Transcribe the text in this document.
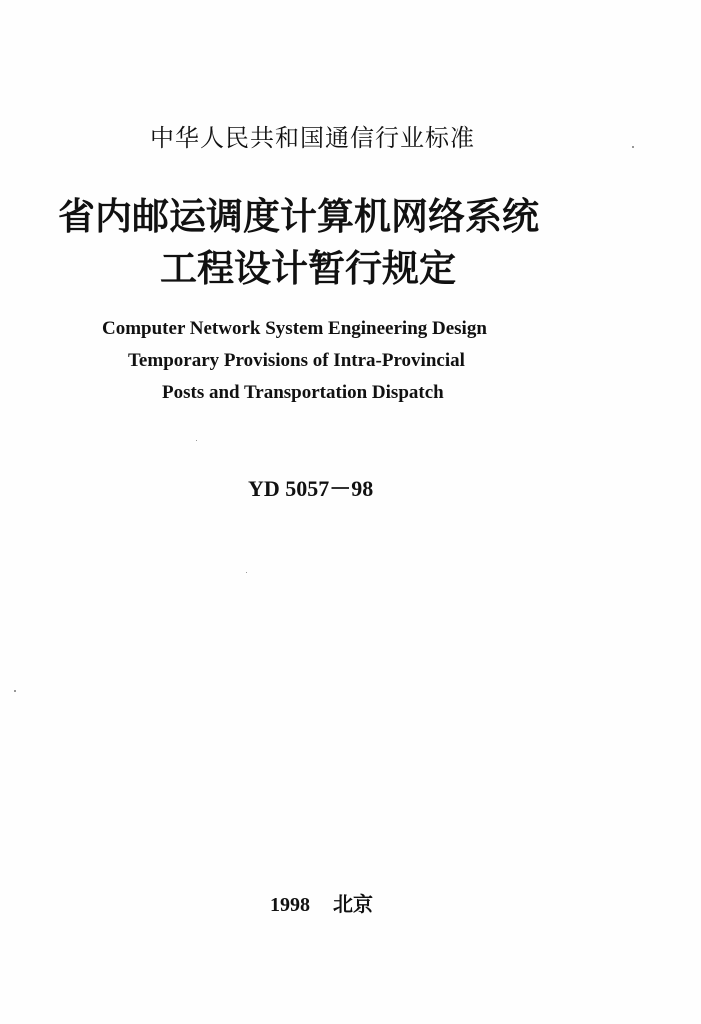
中华人民共和国通信行业标准
省内邮运调度计算机网络系统
工程设计暂行规定
Computer Network System Engineering Design
Temporary Provisions of Intra-Provincial
Posts and Transportation Dispatch
YD 5057－98
1998 北京
